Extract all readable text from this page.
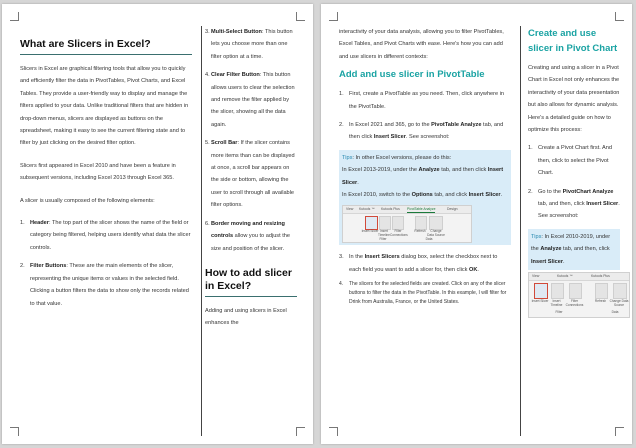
What are Slicers in Excel?

Slicers in Excel are graphical filtering tools that allow you to quickly and efficiently filter the data in PivotTables, Pivot Charts, and Excel Tables. They provide a user-friendly way to display and manage the filters applied to your data. Unlike traditional filters that are hidden in drop-down menus, slicers are displayed as buttons on the spreadsheet, making it easy to see the current filtering state and to filter by just clicking on the desired filter option.

Slicers first appeared in Excel 2010 and have been a feature in subsequent versions, including Excel 2013 through Excel 365.

A slicer is usually composed of the following elements:

1. Header: The top part of the slicer shows the name of the field or category being filtered, helping users identify what data the slicer controls.
2. Filter Buttons: These are the main elements of the slicer, representing the unique items or values in the selected field. Clicking a button filters the data to show only the records related to that value.
3. Multi-Select Button: This button lets you choose more than one filter option at a time.
4. Clear Filter Button: This button allows users to clear the selection and remove the filter applied by the slicer, showing all the data again.
5. Scroll Bar: If the slicer contains more items than can be displayed at once, a scroll bar appears on the side or bottom, allowing the user to scroll through all available filter options.
6. Border moving and resizing controls allow you to adjust the size and position of the slicer.
How to add slicer in Excel?

Adding and using slicers in Excel enhances the

interactivity of your data analysis, allowing you to filter PivotTables, Excel Tables, and Pivot Charts with ease. Here's how you can add and use slicers in different contexts:

Add and use slicer in PivotTable
1. First, create a PivotTable as you need. Then, click anywhere in the PivotTable.
2. In Excel 2021 and 365, go to the PivotTable Analyze tab, and then click Insert Slicer. See screenshot:
Tips: In other Excel versions, please do this:
In Excel 2013-2019, under the Analyze tab, and then click Insert Slicer.
In Excel 2010, switch to the Options tab, and click Insert Slicer.
View Kutools ™ Kutools Plus PivotTable Analyze	Design
Insert Slicer Insert Timeline
Filter Connections
Refresh	Change Data Source
Filter	Data
3. In the Insert Slicers dialog box, select the checkbox next to each field you want to add a slicer for, then click OK.
4. The slicers for the selected fields are created. Click on any of the slicer buttons to filter the data in the PivotTable. In this example, I will filter for Drink from Australia, France, or the United States.
Create and use slicer in Pivot Chart

Creating and using a slicer in a Pivot Chart in Excel not only enhances the interactivity of your data presentation but also allows for dynamic analysis. Here's a detailed guide on how to optimize this process:

1. Create a Pivot Chart first. And then, click to select the Pivot Chart.
2. Go to the PivotChart Analyze tab, and then, click Insert Slicer. See screenshot:
Tips: In Excel 2010-2019, under the Analyze tab, and then, click Insert Slicer.
View	Kutools ™	Kutools Plus
Insert Slicer	Insert Timeline
Filter Connections
Refresh	Change Data Source
Filter	Data
